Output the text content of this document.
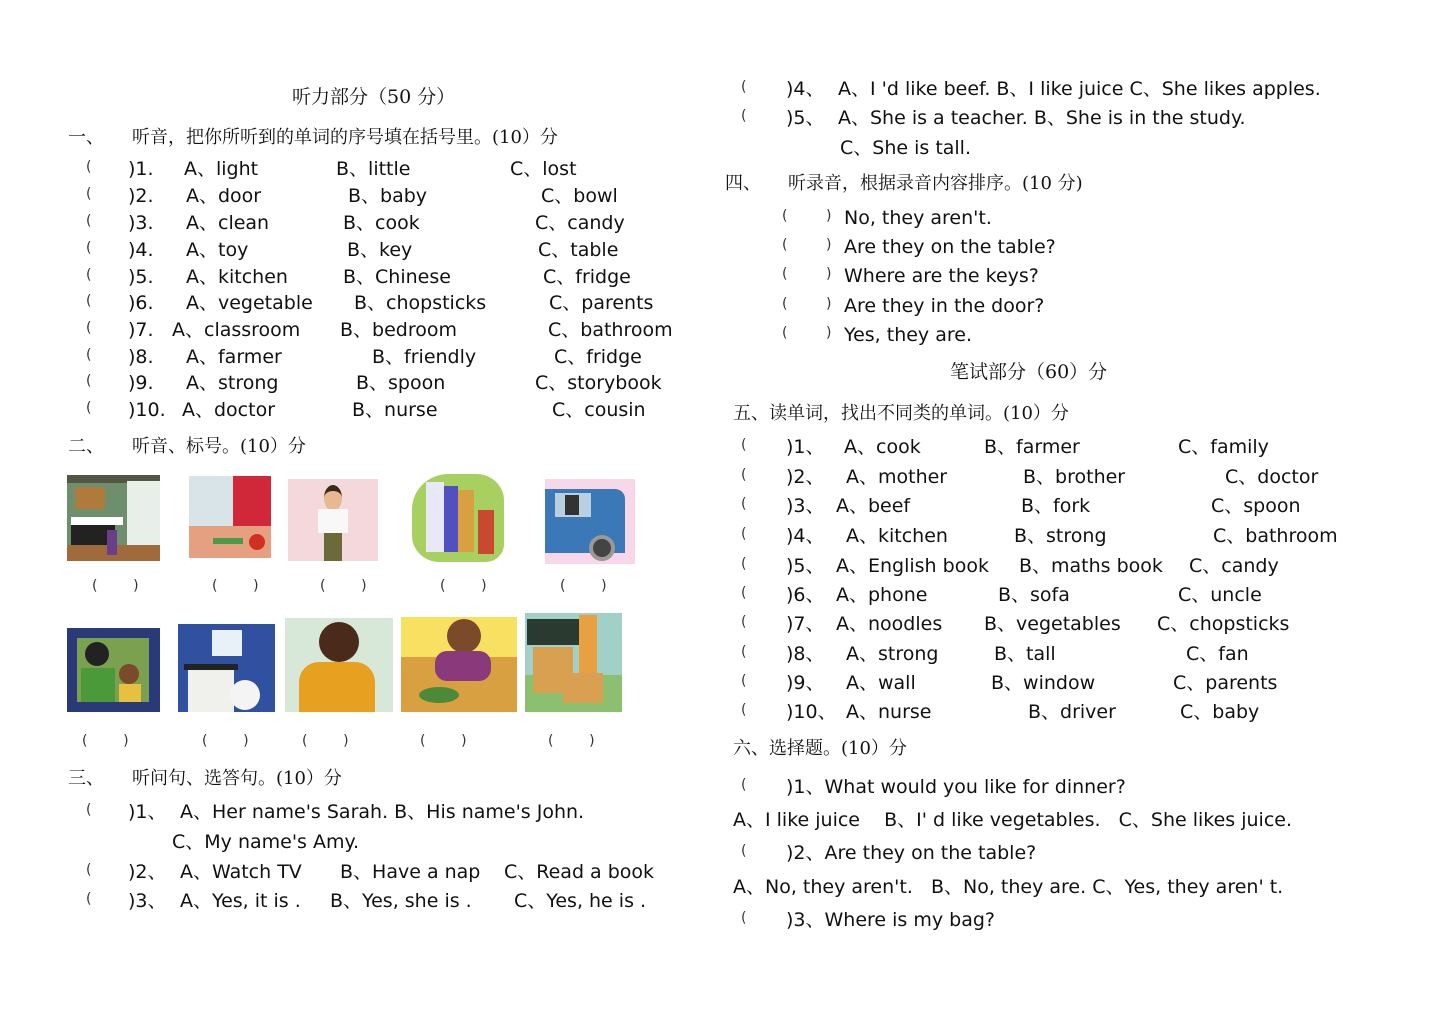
听力部分（50 分）
一、 听音，把你所听到的单词的序号填在括号里。(10）分
( )1. A、light	B、little	C、lost
( )2. A、door	B、baby	C、bowl
( )3. A、clean	B、cook	C、candy
( )4. A、toy	B、key	C、table
( )5. A、kitchen	B、Chinese	C、fridge
( )6. A、vegetable B、chopsticks	C、parents
( )7. A、classroom B、bedroom	C、bathroom
( )8. A、farmer	B、friendly	C、fridge
( )9. A、strong	B、spoon	C、storybook
( )10. A、doctor	B、nurse	C、cousin
二、 听音、标号。(10）分
(        )	(        )	(        )	(        )	(        )
(        )	(        )	(        )	(        )	(        )
三、 听问句、选答句。(10）分
( )1、 A、Her name's Sarah. B、His name's John.
C、My name's Amy.
( )2、 A、Watch TV B、Have a nap C、Read a book
( )3、 A、Yes, it is . B、Yes, she is . C、Yes, he is .
( )4、 A、I 'd like beef. B、I like juice C、She likes apples.
( )5、 A、She is a teacher. B、She is in the study.
C、She is tall.
四、 听录音，根据录音内容排序。(10 分)
(	) No, they aren't.
(	) Are they on the table?
(	) Where are the keys?
(	) Are they in the door?
(	) Yes, they are.
笔试部分（60）分
五、读单词，找出不同类的单词。(10）分
( )1、 A、cook	B、farmer	C、family
( )2、 A、mother	B、brother	C、doctor
( )3、 A、beef	B、fork	C、spoon
( )4、 A、kitchen	B、strong	C、bathroom
( )5、 A、English book B、maths book C、candy
( )6、 A、phone	B、sofa	C、uncle
( )7、 A、noodles B、vegetables C、chopsticks
( )8、 A、strong	B、tall	C、fan
( )9、 A、wall	B、window	C、parents
( )10、 A、nurse	B、driver	C、baby
六、选择题。(10）分
( )1、What would you like for dinner?
A、I like juice    B、I' d like vegetables.   C、She likes juice.
( )2、Are they on the table?
A、No, they aren't.   B、No, they are. C、Yes, they aren' t.
( )3、Where is my bag?
